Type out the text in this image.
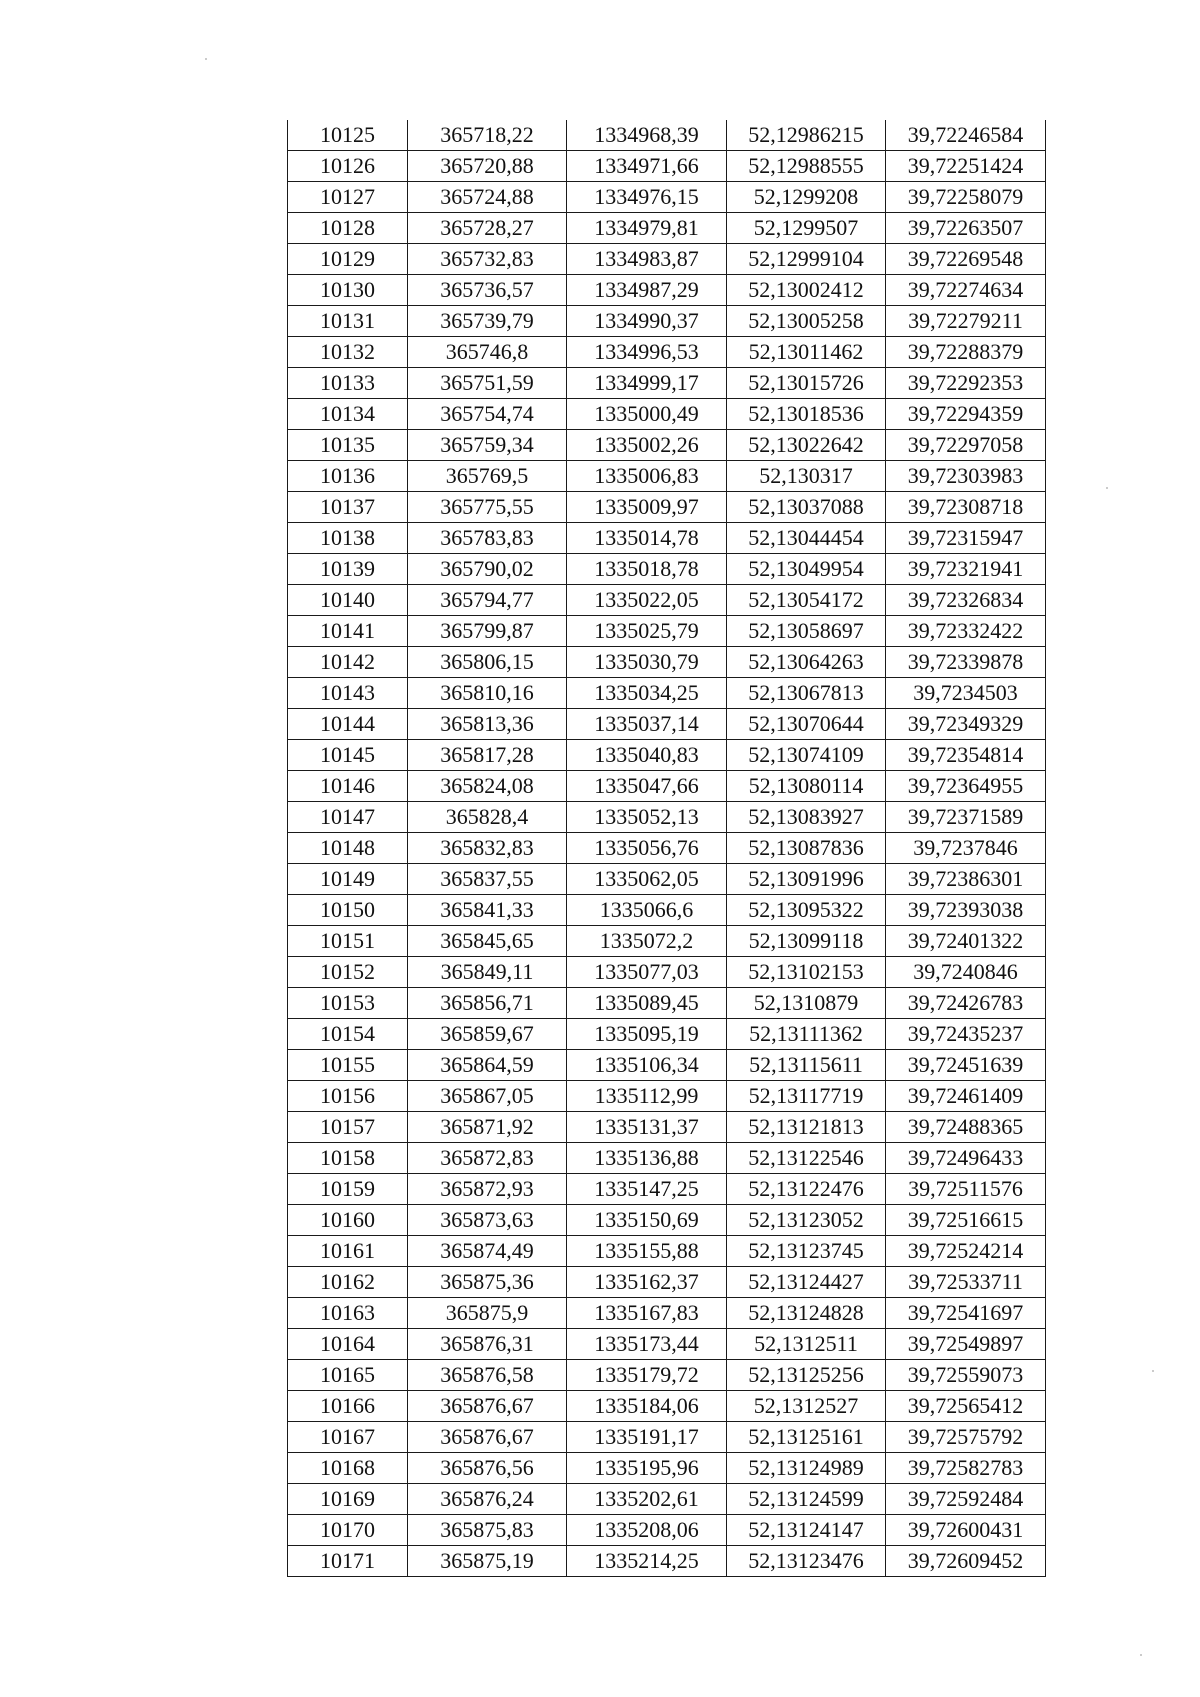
10125	365718,22	1334968,39	52,12986215	39,72246584
10126	365720,88	1334971,66	52,12988555	39,72251424
10127	365724,88	1334976,15	52,1299208	39,72258079
10128	365728,27	1334979,81	52,1299507	39,72263507
10129	365732,83	1334983,87	52,12999104	39,72269548
10130	365736,57	1334987,29	52,13002412	39,72274634
10131	365739,79	1334990,37	52,13005258	39,72279211
10132	365746,8	1334996,53	52,13011462	39,72288379
10133	365751,59	1334999,17	52,13015726	39,72292353
10134	365754,74	1335000,49	52,13018536	39,72294359
10135	365759,34	1335002,26	52,13022642	39,72297058
10136	365769,5	1335006,83	52,130317	39,72303983
10137	365775,55	1335009,97	52,13037088	39,72308718
10138	365783,83	1335014,78	52,13044454	39,72315947
10139	365790,02	1335018,78	52,13049954	39,72321941
10140	365794,77	1335022,05	52,13054172	39,72326834
10141	365799,87	1335025,79	52,13058697	39,72332422
10142	365806,15	1335030,79	52,13064263	39,72339878
10143	365810,16	1335034,25	52,13067813	39,7234503
10144	365813,36	1335037,14	52,13070644	39,72349329
10145	365817,28	1335040,83	52,13074109	39,72354814
10146	365824,08	1335047,66	52,13080114	39,72364955
10147	365828,4	1335052,13	52,13083927	39,72371589
10148	365832,83	1335056,76	52,13087836	39,7237846
10149	365837,55	1335062,05	52,13091996	39,72386301
10150	365841,33	1335066,6	52,13095322	39,72393038
10151	365845,65	1335072,2	52,13099118	39,72401322
10152	365849,11	1335077,03	52,13102153	39,7240846
10153	365856,71	1335089,45	52,1310879	39,72426783
10154	365859,67	1335095,19	52,13111362	39,72435237
10155	365864,59	1335106,34	52,13115611	39,72451639
10156	365867,05	1335112,99	52,13117719	39,72461409
10157	365871,92	1335131,37	52,13121813	39,72488365
10158	365872,83	1335136,88	52,13122546	39,72496433
10159	365872,93	1335147,25	52,13122476	39,72511576
10160	365873,63	1335150,69	52,13123052	39,72516615
10161	365874,49	1335155,88	52,13123745	39,72524214
10162	365875,36	1335162,37	52,13124427	39,72533711
10163	365875,9	1335167,83	52,13124828	39,72541697
10164	365876,31	1335173,44	52,1312511	39,72549897
10165	365876,58	1335179,72	52,13125256	39,72559073
10166	365876,67	1335184,06	52,1312527	39,72565412
10167	365876,67	1335191,17	52,13125161	39,72575792
10168	365876,56	1335195,96	52,13124989	39,72582783
10169	365876,24	1335202,61	52,13124599	39,72592484
10170	365875,83	1335208,06	52,13124147	39,72600431
10171	365875,19	1335214,25	52,13123476	39,72609452
